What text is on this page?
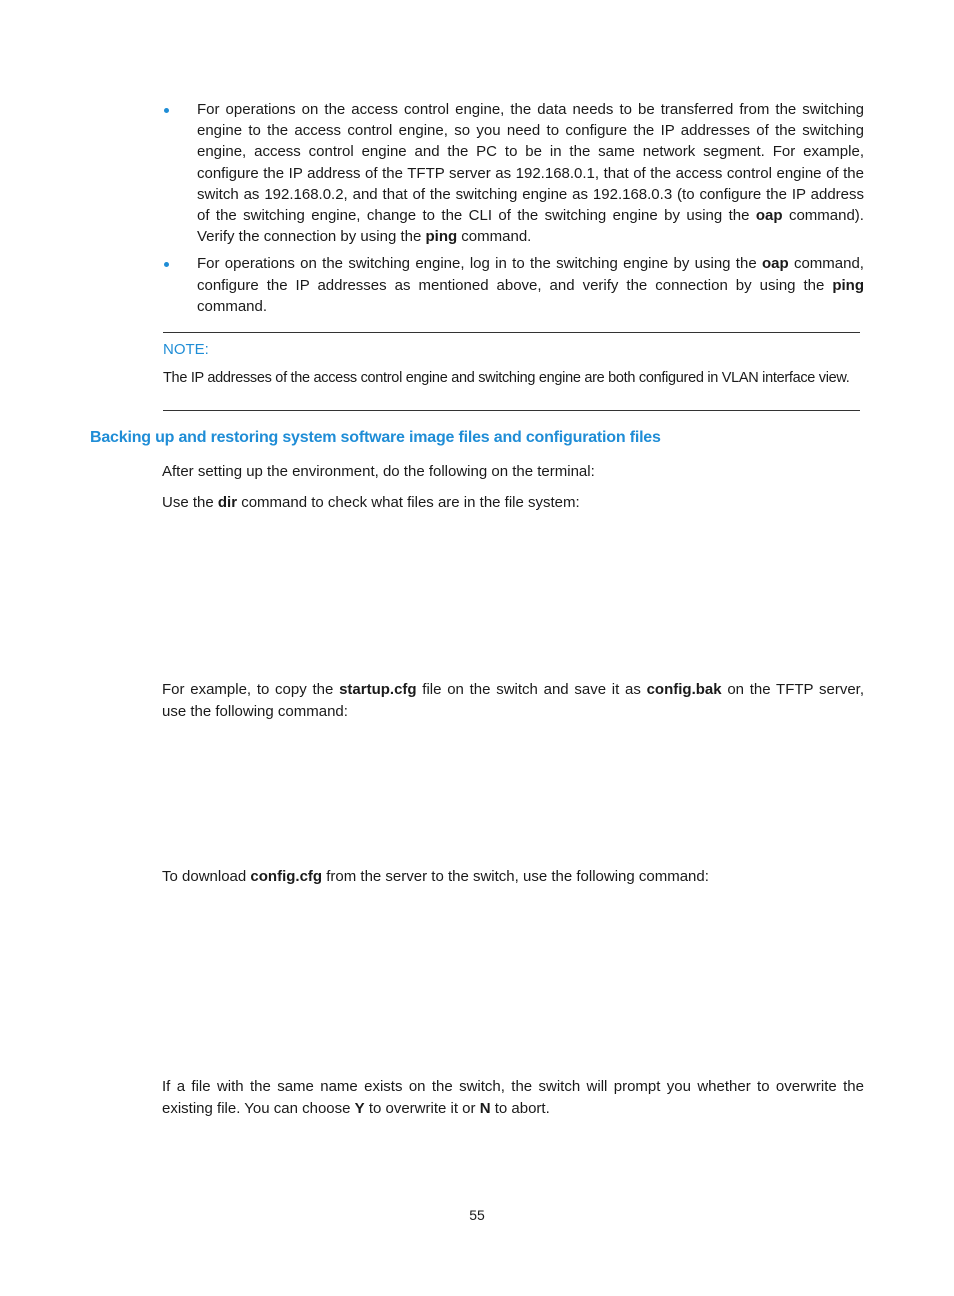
For operations on the access control engine, the data needs to be transferred from the switching engine to the access control engine, so you need to configure the IP addresses of the switching engine, access control engine and the PC to be in the same network segment. For example, configure the IP address of the TFTP server as 192.168.0.1, that of the access control engine of the switch as 192.168.0.2, and that of the switching engine as 192.168.0.3 (to configure the IP address of the switching engine, change to the CLI of the switching engine by using the oap command). Verify the connection by using the ping command.
For operations on the switching engine, log in to the switching engine by using the oap command, configure the IP addresses as mentioned above, and verify the connection by using the ping command.
NOTE:
The IP addresses of the access control engine and switching engine are both configured in VLAN interface view.
Backing up and restoring system software image files and configuration files

After setting up the environment, do the following on the terminal:

Use the dir command to check what files are in the file system:

For example, to copy the startup.cfg file on the switch and save it as config.bak on the TFTP server, use the following command:

To download config.cfg from the server to the switch, use the following command:

If a file with the same name exists on the switch, the switch will prompt you whether to overwrite the existing file. You can choose Y to overwrite it or N to abort.

55
